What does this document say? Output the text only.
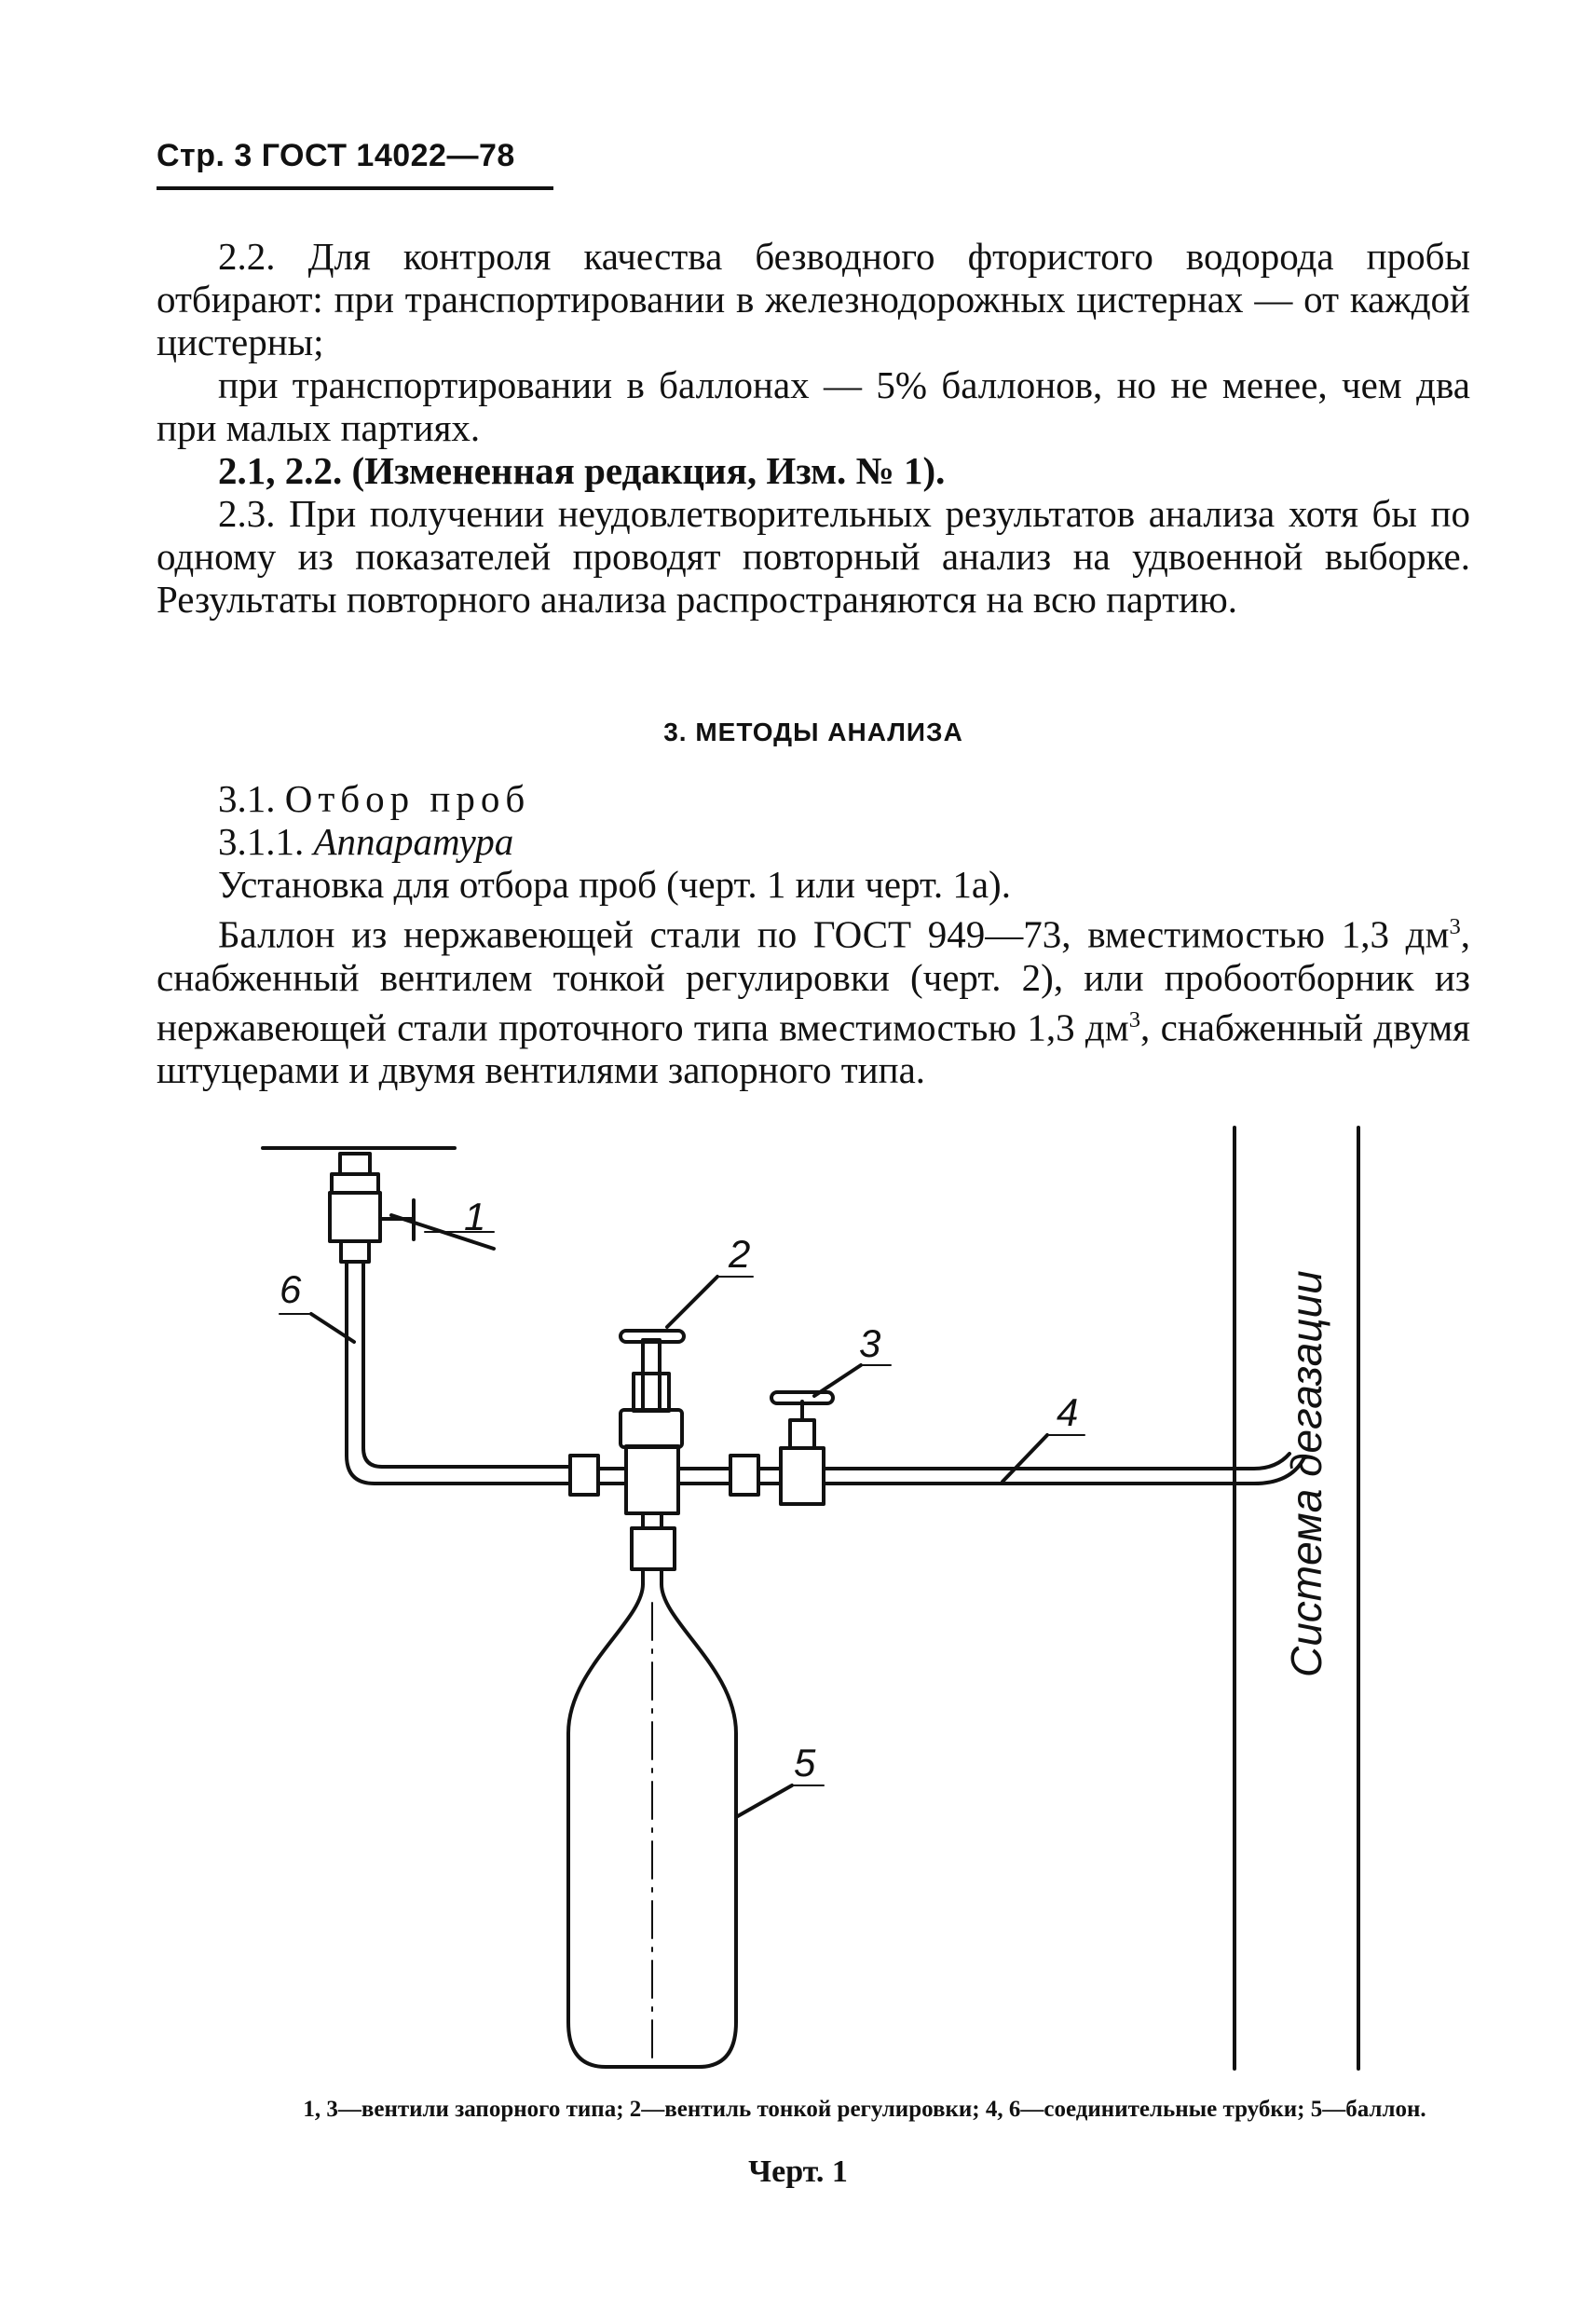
Стр. 3 ГОСТ 14022—78

2.2. Для контроля качества безводного фтористого водорода пробы отбирают: при транспортировании в железнодорожных цистернах — от каждой цистерны;

при транспортировании в баллонах — 5% баллонов, но не менее, чем два при малых партиях.

2.1, 2.2. (Измененная редакция, Изм. № 1).

2.3. При получении неудовлетворительных результатов анализа хотя бы по одному из показателей проводят повторный анализ на удвоенной выборке. Результаты повторного анализа распространяются на всю партию.

3. МЕТОДЫ АНАЛИЗА
3.1. Отбор проб
3.1.1. Аппаратура

Установка для отбора проб (черт. 1 или черт. 1а).

Баллон из нержавеющей стали по ГОСТ 949—73, вместимостью 1,3 $дм^3$, снабженный вентилем тонкой регулировки (черт. 2), или пробоотборник из нержавеющей стали проточного типа вместимостью 1,3 $дм^3$, снабженный двумя штуцерами и двумя вентилями запорного типа.

1
2
3
4
5
6	Система дегазации
1, 3—вентили запорного типа; 2—вентиль тонкой регулировки; 4, 6—соединительные трубки; 5—баллон.
Черт. 1
